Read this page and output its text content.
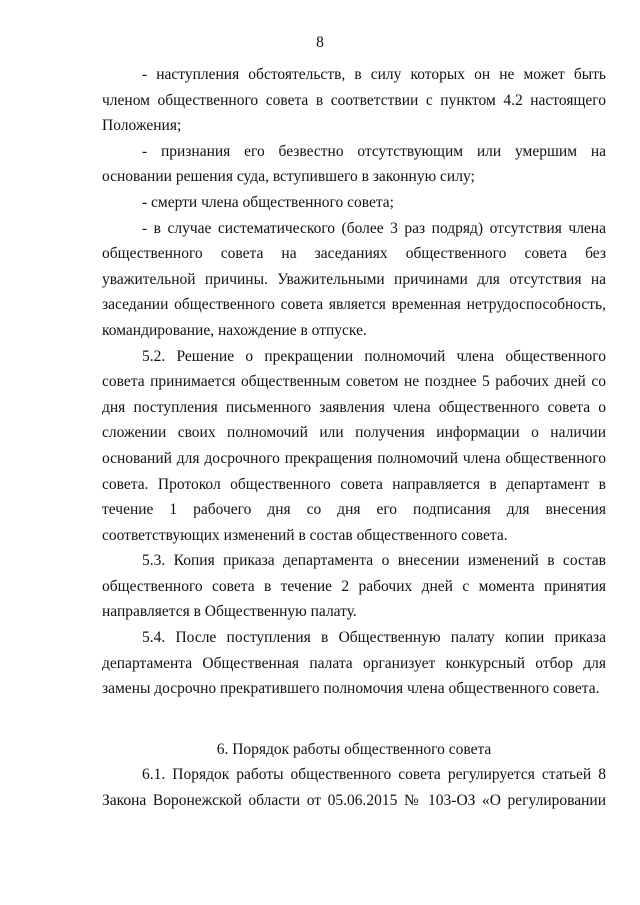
8

- наступления обстоятельств, в силу которых он не может быть членом общественного совета в соответствии с пунктом 4.2 настоящего Положения;

- признания его безвестно отсутствующим или умершим на основании решения суда, вступившего в законную силу;

- смерти члена общественного совета;

- в случае систематического (более 3 раз подряд) отсутствия члена общественного совета на заседаниях общественного совета без уважительной причины. Уважительными причинами для отсутствия на заседании общественного совета является временная нетрудоспособность, командирование, нахождение в отпуске.

5.2. Решение о прекращении полномочий члена общественного совета принимается общественным советом не позднее 5 рабочих дней со дня поступления письменного заявления члена общественного совета о сложении своих полномочий или получения информации о наличии оснований для досрочного прекращения полномочий члена общественного совета. Протокол общественного совета направляется в департамент в течение 1 рабочего дня со дня его подписания для внесения соответствующих изменений в состав общественного совета.

5.3. Копия приказа департамента о внесении изменений в состав общественного совета в течение 2 рабочих дней с момента принятия направляется в Общественную палату.

5.4. После поступления в Общественную палату копии приказа департамента Общественная палата организует конкурсный отбор для замены досрочно прекратившего полномочия члена общественного совета.

6. Порядок работы общественного совета

6.1. Порядок работы общественного совета регулируется статьей 8 Закона Воронежской области от 05.06.2015 № 103-ОЗ «О регулировании
